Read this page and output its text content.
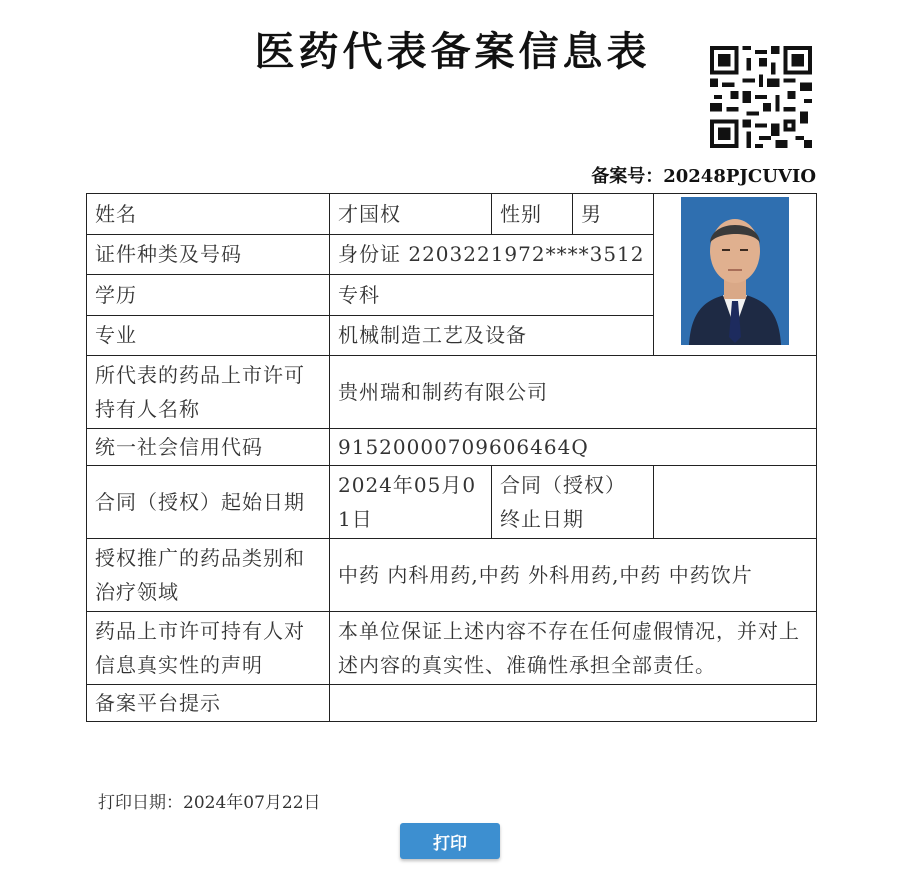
医药代表备案信息表
备案号：20248PJCUVIO
姓名	才国权	性别	男	
证件种类及号码	身份证 2203221972****3512			
学历	专科			
专业	机械制造工艺及设备			
所代表的药品上市许可持有人名称	贵州瑞和制药有限公司			
统一社会信用代码	91520000709606464Q			
合同（授权）起始日期	2024年05月01日	合同（授权）终止日期		
授权推广的药品类别和治疗领域	中药 内科用药,中药 外科用药,中药 中药饮片			
药品上市许可持有人对信息真实性的声明	本单位保证上述内容不存在任何虚假情况，并对上述内容的真实性、准确性承担全部责任。			
备案平台提示				
打印日期：2024年07月22日
打印
